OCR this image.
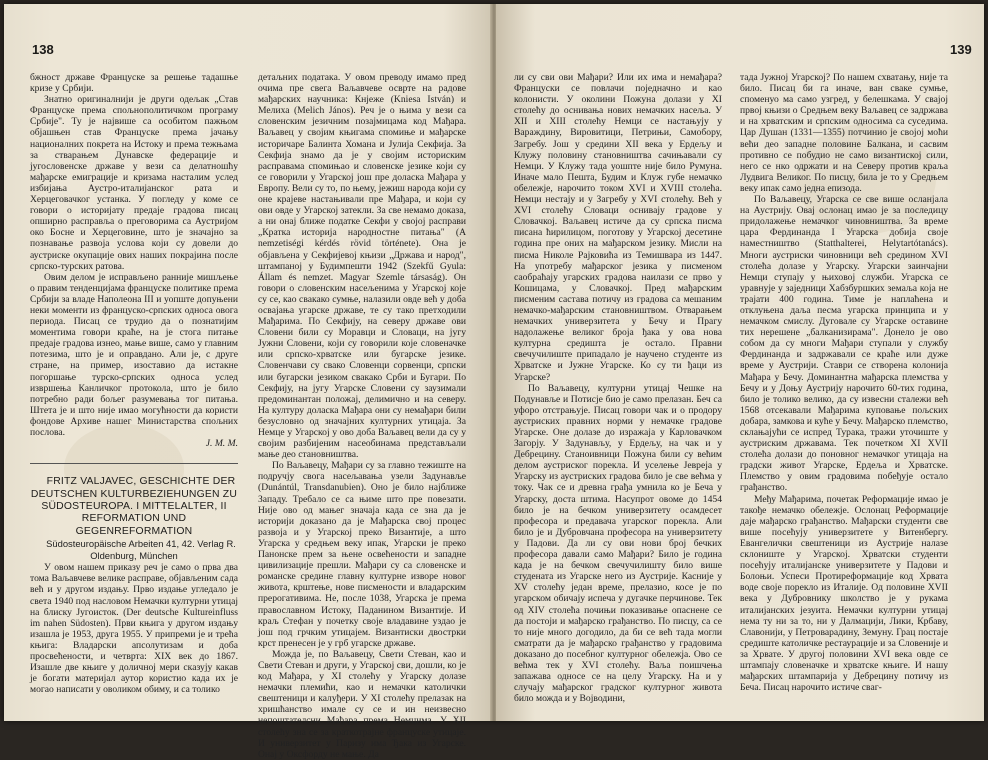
138

бжност државе Француске за решење тадашње кризе у Србији.

Знатно оригиналнији је други одељак „Став Француске према спољнополитичком програму Србије". Ту је највише са особитом пажњом објашњен став Француске према јачању националних покрета на Истоку и према тежњама за стварањем Дунавске федерације и југословенске државе у вези са делатношћу мађарске емиграције и кризама насталим услед избијања Аустро-италијанског рата и Херцеговачког устанка. У погледу у коме се говори о историјату предаје градова писац опширно расправља о преговорима са Аустријом око Босне и Херцеговине, што је значајно за познавање развоја услова који су довели до аустриске окупације ових наших покрајина после српско-турских ратова.

Овим делом је исправљено ранније мишљење о правим тенденцијама француске политике према Србији за владе Наполеона III и уопште допуњени неки моменти из француско-српских односа овога периода. Писац се трудио да о познатијим моментима говори краће, на је стога питање предаје градова изнео, мање више, само у главним потезима, што је и оправдано. Али је, с друге стране, на пример, изоставио да истакне погоршање турско-српских односа услед извршења Канличког протокола, што је било потребно ради бољег разумевања тог питања. Штета је и што није имао могућности да користи фондове Архиве нашег Министарства спољних послова.

J. M. M.

FRITZ VALJAVEC, GESCHICHTE DER DEUTSCHEN KULTURBEZIEHUNGEN ZU SÜDOSTEUROPA. I MITTELALTER, II REFORMATION UND GEGENREFORMATION

Südosteuropäische Arbeiten 41, 42. Verlag R. Oldenburg, München

У овом нашем приказу реч је само о прва два тома Ваљавчеве велике расправе, објављеним сада већ и у другом издању. Прво издање угледало је света 1940 под насловом Немачки културни утицај на блиску Југоисток. (Der deutsche Kultureinfluss im nahen Südosten). Први књига у другом издању изашла је 1953, друга 1955. У припреми је и трећа књига: Владарски апсолутизам и доба просвећености, и четврта: XIX век до 1867. Изашле две књиге у доличној мери сказују какав је богати материјал аутор користио када их је могао написати у оволиком обиму, и са толико

детаљних података. У овом преводу имамо пред очима пре свега Ваљавчеве осврте на радове мађарских научника: Кнјеже (Kniesa István) и Мелиха (Melich János). Реч је о њима у вези са словенским језичним позајмицама код Мађара. Ваљавец у својим књигама спомиње и мађарске историчаре Балинта Хомана и Јулија Секфија. За Секфија знамо да је у својим историским расправама спомињао и словенске језике који су се говорили у Угарској још пре доласка Мађара у Европу. Вели су то, по њему, јежиш народа који су оне крајеве настањивали пре Мађара, и који су ови овде у Угарској затекли. За све немамо доказа, а ни онај ближе податке Секфи у својој расправи „Кратка историја народностне питања" (A nemzetiségi kérdés rövid története). Она је објављена у Секфијевој књизи „Држава и народ", штампаној у Будимпешти 1942 (Szekfű Gyula: Állam és nemzet. Magyar Szemle társaság). Он говори о словенским насељенима у Угарској које су се, као свакако сумње, налазили овде већ у доба освајања угарске државе, те су тако претходили Мађарима. По Секфију, на северу државе ови Словени били су Моравци и Словаци, на југу Јужни Словени, који су говорили које словеначке или српско-хрватске или бугарске језике. Словенчави су свако Словенци сорвенци, српски или бугарски језиком свакако Срби и Бугари. По Секфију, на југу Угарске Словени су заузимали предоминантан положај, делимично и на северу. На културу доласка Мађара они су немађари били безусловно од значајних културних утицаја. За Немце у Угарској у ово доба Ваљавец вели да су у својим разбијеним насеобинама представљали мање део становништва.

По Ваљавецу, Мађари су за главно тежиште на подручју свога насељавања узели Задунавље (Dunántúl, Transdanubien). Оно је било најближе Западу. Требало се са њиме што пре повезати. Није ово од мањег значаја када се зна да је историји доказано да је Мађарска свој процес развоја и у Угарској преко Византије, а што Угарска у средњем веку ипак, Угарски је преко Панонске прем за њене освећености и западне цивилизације прешли. Мађари су са словенске и романске средине главну културне изворе новог живота, крштење, нове писмености и владарским прерогативима. Не, после 1038, Угарска је према православном Истоку, Паданином Византије. И краљ Стефан у почетку своје владавине уздао је још под грчким утицајем. Византиски двострки крст пренесен је у грб угарске државе.

Можда је, по Ваљавецу, Свети Стеван, као и Свети Стеван и други, у Угарској сви, дошли, ко је код Мађара, у XI столећу у Угарску долазе немачки племићи, као и немачки католички свештеници и калуђери. У XI столећу прелазак на хришћанство имале су се и ин неизвесно непоштателсни Мађара према Немцима. У XII столећу зна се за краткотрајне француске утицаје. И универзитет у Паризу има Ђака из Угарске. Онај у Оксфорду не мање. Да

139

ли су сви ови Мађари? Или их има и немађара? Француски се повлачи поједначно и као колонисти. У околини Пожуна долази у XI столећу до оснивања нових немачких насеља. У XII и XIII столећу Немци се настањују у Вараждину, Вировитици, Петрињи, Самобору, Загребу. Још у средини XII века у Ердељу и Клужу половину становништва сачињавали су Немци. У Клужу тада уошпте није било Румуна. Иначе мало Пешта, Будим и Клуж губе немачко обележје, нарочито током XVI и XVIII столећа. Немци нестају и у Загребу у XVI столећу. Већ у XVI столећу Словаци оснивају градове у Словачкој. Ваљавец истиче да су српска писма писана ћирилицом, поготову у Угарској десетине година пре оних на мађарском језику. Мисли на писма Николе Рајковића из Темишвара из 1447. На употребу мађарског језика у писменом саобраћају угарских градова наилази се прво у Кошицама, у Словачкој. Пред мађарским писменим састава потичу из градова са мешаним немачко-мађарским становништвом. Отварањем немачких универзитета у Бечу и Прагу надолажење великог броја ђака у ова нова културна средишта је остало. Правни свечучилиште припадало је научено студенте из Хрватске и Јужне Угарске. Ко су ти ђаци из Угарске?

По Ваљавецу, културни утицај Чешке на Подунавље и Потисје био је само прелазан. Беч са уфоро отстрањује. Писац говори чак и о продору аустриских правних норми у немачке градове Угарске. Оне долазе до изражаја у Карловачком Загорју. У Задунављу, у Ердељу, на чак и у Дебрецину. Станоивници Пожуна били су већим делом аустриског порекла. И уселење Јевреја у Угарску из аустриских градова било је све већма у току. Чак се и древна грађа умнила ко је Беча у Угарску, доста штима. Насупрот овоме до 1454 било је на бечком универзитету осамдесет професора и предавача угарског порекла. Али било је и Дубровчана професора на универзитету у Падови. Да ли су ови нови број бечких професора давали само Мађари? Било је година када је на бечком свечучилишту било више студената из Угарске него из Аустрије. Касније у XV столећу један време, прелазио, косе је по угарском обичају испеча у дугачке перчинове. Тек од XIV столећа почињи показивање опаснене се да постоји и мађарско грађанство. По писцу, са се то није много догодило, да би се већ тада могли сматрати да је мађарско грађанство у градовима доказано до посебног културног обележја. Ово се већма тек у XVI столећу. Ваља поишчења запажава односе се на целу Угарску. На и у случају мађарског градског културног живота било можда и у Војводини,

тада Јужној Угарској? По нашем схватању, није та било. Писац би га иначе, ван сваке сумње, споменуо ма само узгред, у белешкама. У свајој првој књизи о Средњем веку Ваљавец се задржава и на хрватским и српским односима са суседима. Цар Душан (1331—1355) потчинио је својој моћи већи део западне половине Балкана, и сасвим противно се побудио не само византиској сили, него се нко одржати и на Северу против краља Лудвига Великог. По писцу, била је то у Средњем веку ипак само једна епизода.

По Ваљавецу, Угарска се све више осланјала на Аустрију. Овај ослонац имао је за последицу придолажење немачког чиновништва. За време цара Фердинанда I Угарска добија своје наместништво (Statthalterei, Helytartótanács). Многи аустриски чиновници већ средином XVI столећа долазе у Угарску. Угарски заинчајни Немци ступају у њиховој служби. Угарска се уравнује у заједници Хабзбуршких земаља која не трајати 400 година. Тиме је наплаћена и отклуњена даља песма угарска принципа и у немачком смислу. Дуговале су Угарске оставине тих нерешене „балканизирама". Донело је ово собом да су многи Мађари ступали у службу Фердинанда и задржавали се краће или дуже време у Аустрији. Ставри се створена колонија Мађара у Бечу. Доминантна мађарска племства у Бечу и у Доњу Аустрију нарочито 60-тих година, било је толико велико, да су извесни сталежи већ 1568 отсекавали Мађарима куповање пољских добара, замкова и куће у Бечу. Мађарско племство, склањајући се испред Турака, тражи уточиште у аустриским државама. Тек почетком XI XVII столећа долази до поновног немачког утицаја на градски живот Угарске, Ердеља и Хрватске. Племство у овим градовима побеђује остало грађанство.

Међу Мађарима, почетак Реформације имао је такође немачко обележје. Ослонац Реформације даје мађарско грађанство. Мађарски студенти све више посећују универзитете у Витенбергу. Евангелички свештеници из Аустрије налазе склониште у Угарској. Хрватски студенти посећују италијанске универзитете у Падови и Болоњи. Успеси Протиреформације код Хрвата воде своје порекло из Италије. Од половине XVII века у Дубровнику школство је у рукама италијанских језуита. Немачки културни утицај нема ту ни за то, ни у Далмацији, Лики, Крбаву, Славонији, у Петроварадину, Земуну. Грац постаје средиште католичке рестаурације и за Словеније и за Хрвате. У другој половини XVI века овде се штампају словеначке и хрватске књиге. И нашу мађарских штампарија у Дебрецину потичу из Беча. Писац нарочито истиче сваг-
